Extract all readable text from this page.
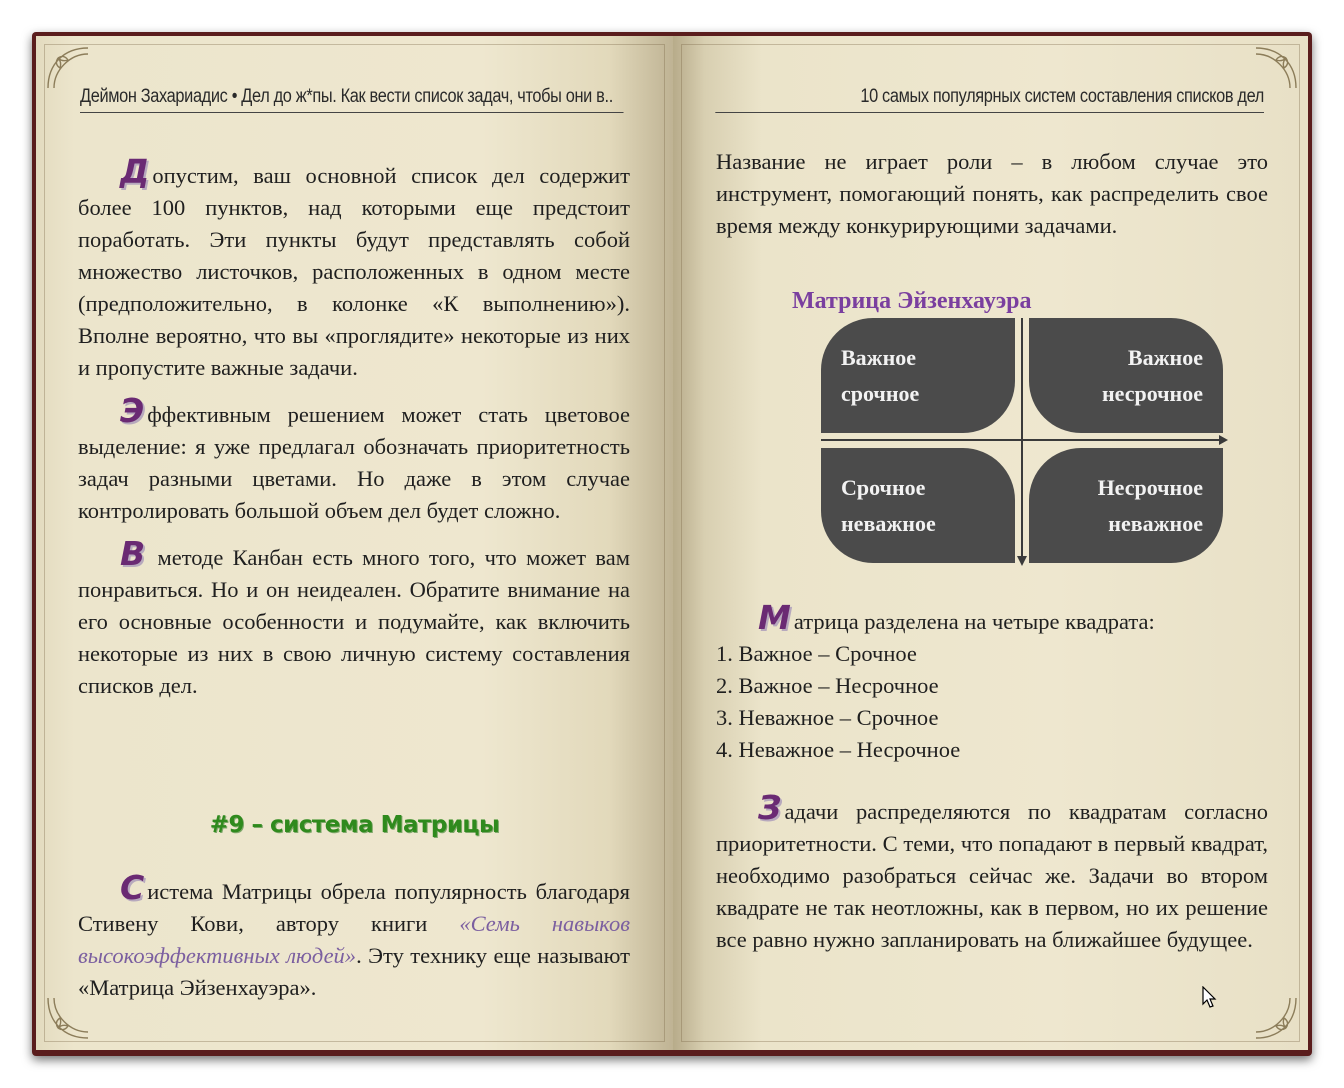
Деймон Захариадис • Дел до ж*пы. Как вести список задач, чтобы они в..

Д опустим, ваш основной список дел содержит более 100 пунктов, над которыми еще предстоит поработать. Эти пункты будут представлять собой множество листочков, расположенных в одном месте (предположительно, в колонке «К выполнению»). Вполне вероятно, что вы «проглядите» некоторые из них и пропустите важные задачи.

Э ффективным решением может стать цветовое выделение: я уже предлагал обозначать приоритетность задач разными цветами. Но даже в этом случае контролировать большой объем дел будет сложно.

В методе Канбан есть много того, что может вам понравиться. Но и он неидеален. Обратите внимание на его основные особенности и подумайте, как включить некоторые из них в свою личную систему составления списков дел.

#9 – система Матрицы

С истема Матрицы обрела популярность благодаря Стивену Кови, автору книги «Семь навыков высокоэффективных людей». Эту технику еще называют «Матрица Эйзенхауэра».

10 самых популярных систем составления списков дел

Название не играет роли – в любом случае это инструмент, помогающий понять, как распределить свое время между конкурирующими задачами.

Матрица Эйзенхауэра
Важное
срочное
Важное
несрочное
Срочное
неважное
Несрочное
неважное

М атрица разделена на четыре квадрата:

1. Важное – Срочное
2. Важное – Несрочное
3. Неважное – Срочное
4. Неважное – Несрочное

З адачи распределяются по квадратам согласно приоритетности. С теми, что попадают в первый квадрат, необходимо разобраться сейчас же. Задачи во втором квадрате не так неотложны, как в первом, но их решение все равно нужно запланировать на ближайшее будущее.
